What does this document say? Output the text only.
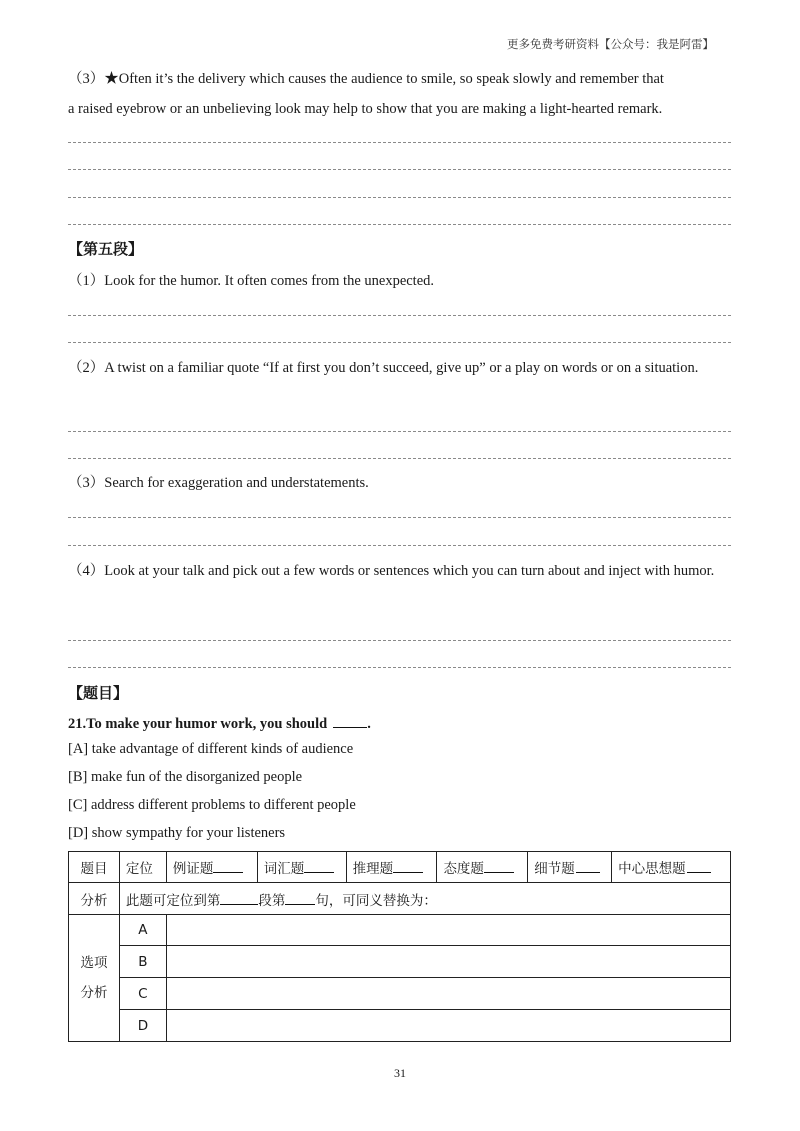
更多免费考研资料【公众号：我是阿雷】
（3）★Often it’s the delivery which causes the audience to smile, so speak slowly and remember that
a raised eyebrow or an unbelieving look may help to show that you are making a light-hearted remark.
【第五段】
（1）Look for the humor. It often comes from the unexpected.
（2）A twist on a familiar quote “If at first you don’t succeed, give up” or a play on words or on a situation.
（3）Search for exaggeration and understatements.
（4）Look at your talk and pick out a few words or sentences which you can turn about and inject with humor.
【题目】
21.To make your humor work, you should	.
[A] take advantage of different kinds of audience
[B] make fun of the disorganized people
[C] address different problems to different people
[D] show sympathy for your listeners
题目	定位	例证题	词汇题	推理题	态度题	细节题	中心思想题
分析	此题可定位到第 段第 句，可同义替换为：						

选项
分析	A						
	B						
	C						
	D						
31
